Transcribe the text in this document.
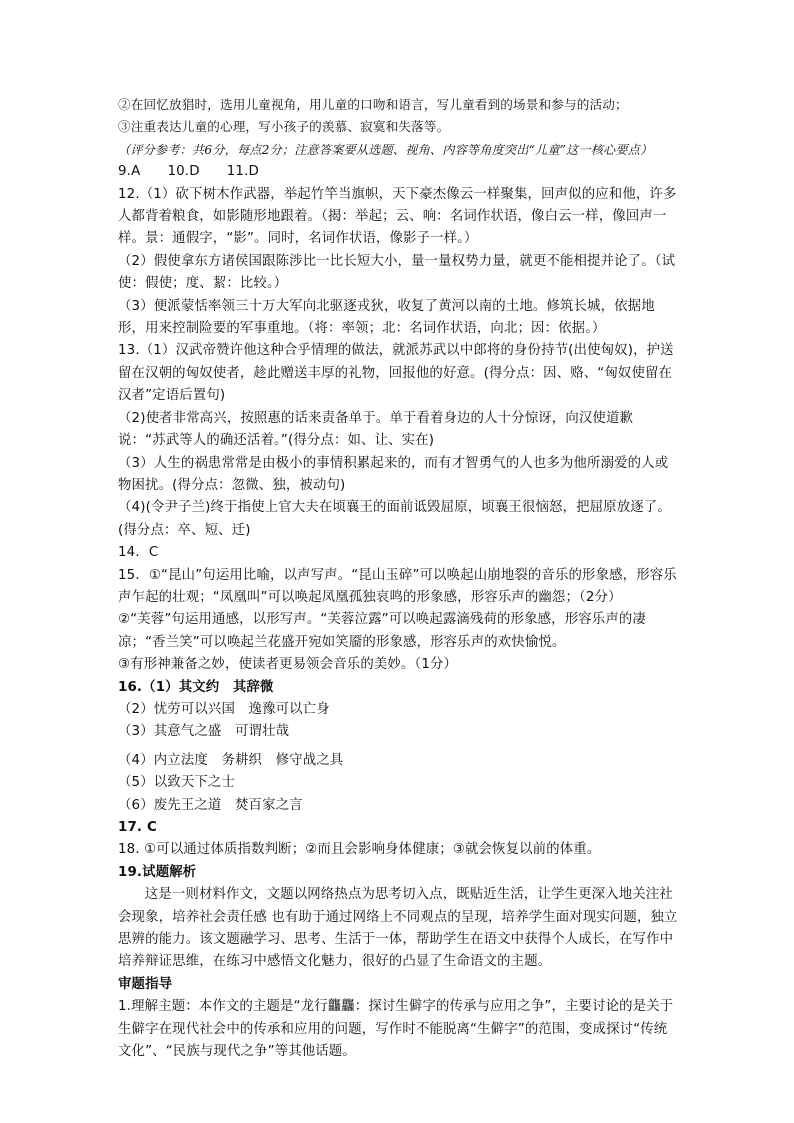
②在回忆放猖时，选用儿童视角，用儿童的口吻和语言，写儿童看到的场景和参与的活动；

③注重表达儿童的心理，写小孩子的羡慕、寂寞和失落等。

（评分参考：共6分，每点2分；注意答案要从选题、视角、内容等角度突出“儿童”这一核心要点）

9.A　　10.D　　11.D

12.（1）砍下树木作武器，举起竹竿当旗帜，天下豪杰像云一样聚集，回声似的应和他，许多人都背着粮食，如影随形地跟着。（揭：举起；云、响：名词作状语，像白云一样，像回声一样。景：通假字，“影”。同时，名词作状语，像影子一样。）

（2）假使拿东方诸侯国跟陈涉比一比长短大小，量一量权势力量，就更不能相提并论了。（试使：假使；度、絜：比较。）

（3）便派蒙恬率领三十万大军向北驱逐戎狄，收复了黄河以南的土地。修筑长城，依据地形，用来控制险要的军事重地。（将：率领；北：名词作状语，向北；因：依据。）

13.（1）汉武帝赞许他这种合乎情理的做法，就派苏武以中郎将的身份持节(出使匈奴)，护送留在汉朝的匈奴使者，趁此赠送丰厚的礼物，回报他的好意。(得分点：因、赂、“匈奴使留在汉者”定语后置句)

（2)使者非常高兴，按照惠的话来责备单于。单于看着身边的人十分惊讶，向汉使道歉说：“苏武等人的确还活着。”(得分点：如、让、实在)

（3）人生的祸患常常是由极小的事情积累起来的，而有才智勇气的人也多为他所溺爱的人或物困扰。(得分点：忽微、独，被动句)

（4)(令尹子兰)终于指使上官大夫在顷襄王的面前诋毁屈原，顷襄王很恼怒，把屈原放逐了。(得分点：卒、短、迁)

14．C

15．①“昆山”句运用比喻，以声写声。“昆山玉碎”可以唤起山崩地裂的音乐的形象感，形容乐声乍起的壮观；“凤凰叫”可以唤起凤凰孤独哀鸣的形象感，形容乐声的幽怨；（2分）

②“芙蓉”句运用通感，以形写声。“芙蓉泣露”可以唤起露滴残荷的形象感，形容乐声的凄凉；“香兰笑”可以唤起兰花盛开宛如笑靥的形象感，形容乐声的欢快愉悦。

③有形神兼备之妙，使读者更易领会音乐的美妙。（1分）

16.（1）其文约　其辞微

（2）忧劳可以兴国　逸豫可以亡身

（3）其意气之盛　可谓壮哉

（4）内立法度　务耕织　修守战之具

（5）以致天下之士

（6）废先王之道　焚百家之言

17. C

18. ①可以通过体质指数判断；②而且会影响身体健康；③就会恢复以前的体重。

19.试题解析

这是一则材料作文，文题以网络热点为思考切入点，既贴近生活，让学生更深入地关注社会现象，培养社会责任感 也有助于通过网络上不同观点的呈现，培养学生面对现实问题，独立思辨的能力。该文题融学习、思考、生活于一体，帮助学生在语文中获得个人成长，在写作中培养辩证思维，在练习中感悟文化魅力，很好的凸显了生命语文的主题。

审题指导

1.理解主题：本作文的主题是“龙行龘龘：探讨生僻字的传承与应用之争”，主要讨论的是关于生僻字在现代社会中的传承和应用的问题，写作时不能脱离“生僻字”的范围，变成探讨“传统文化”、“民族与现代之争”等其他话题。
